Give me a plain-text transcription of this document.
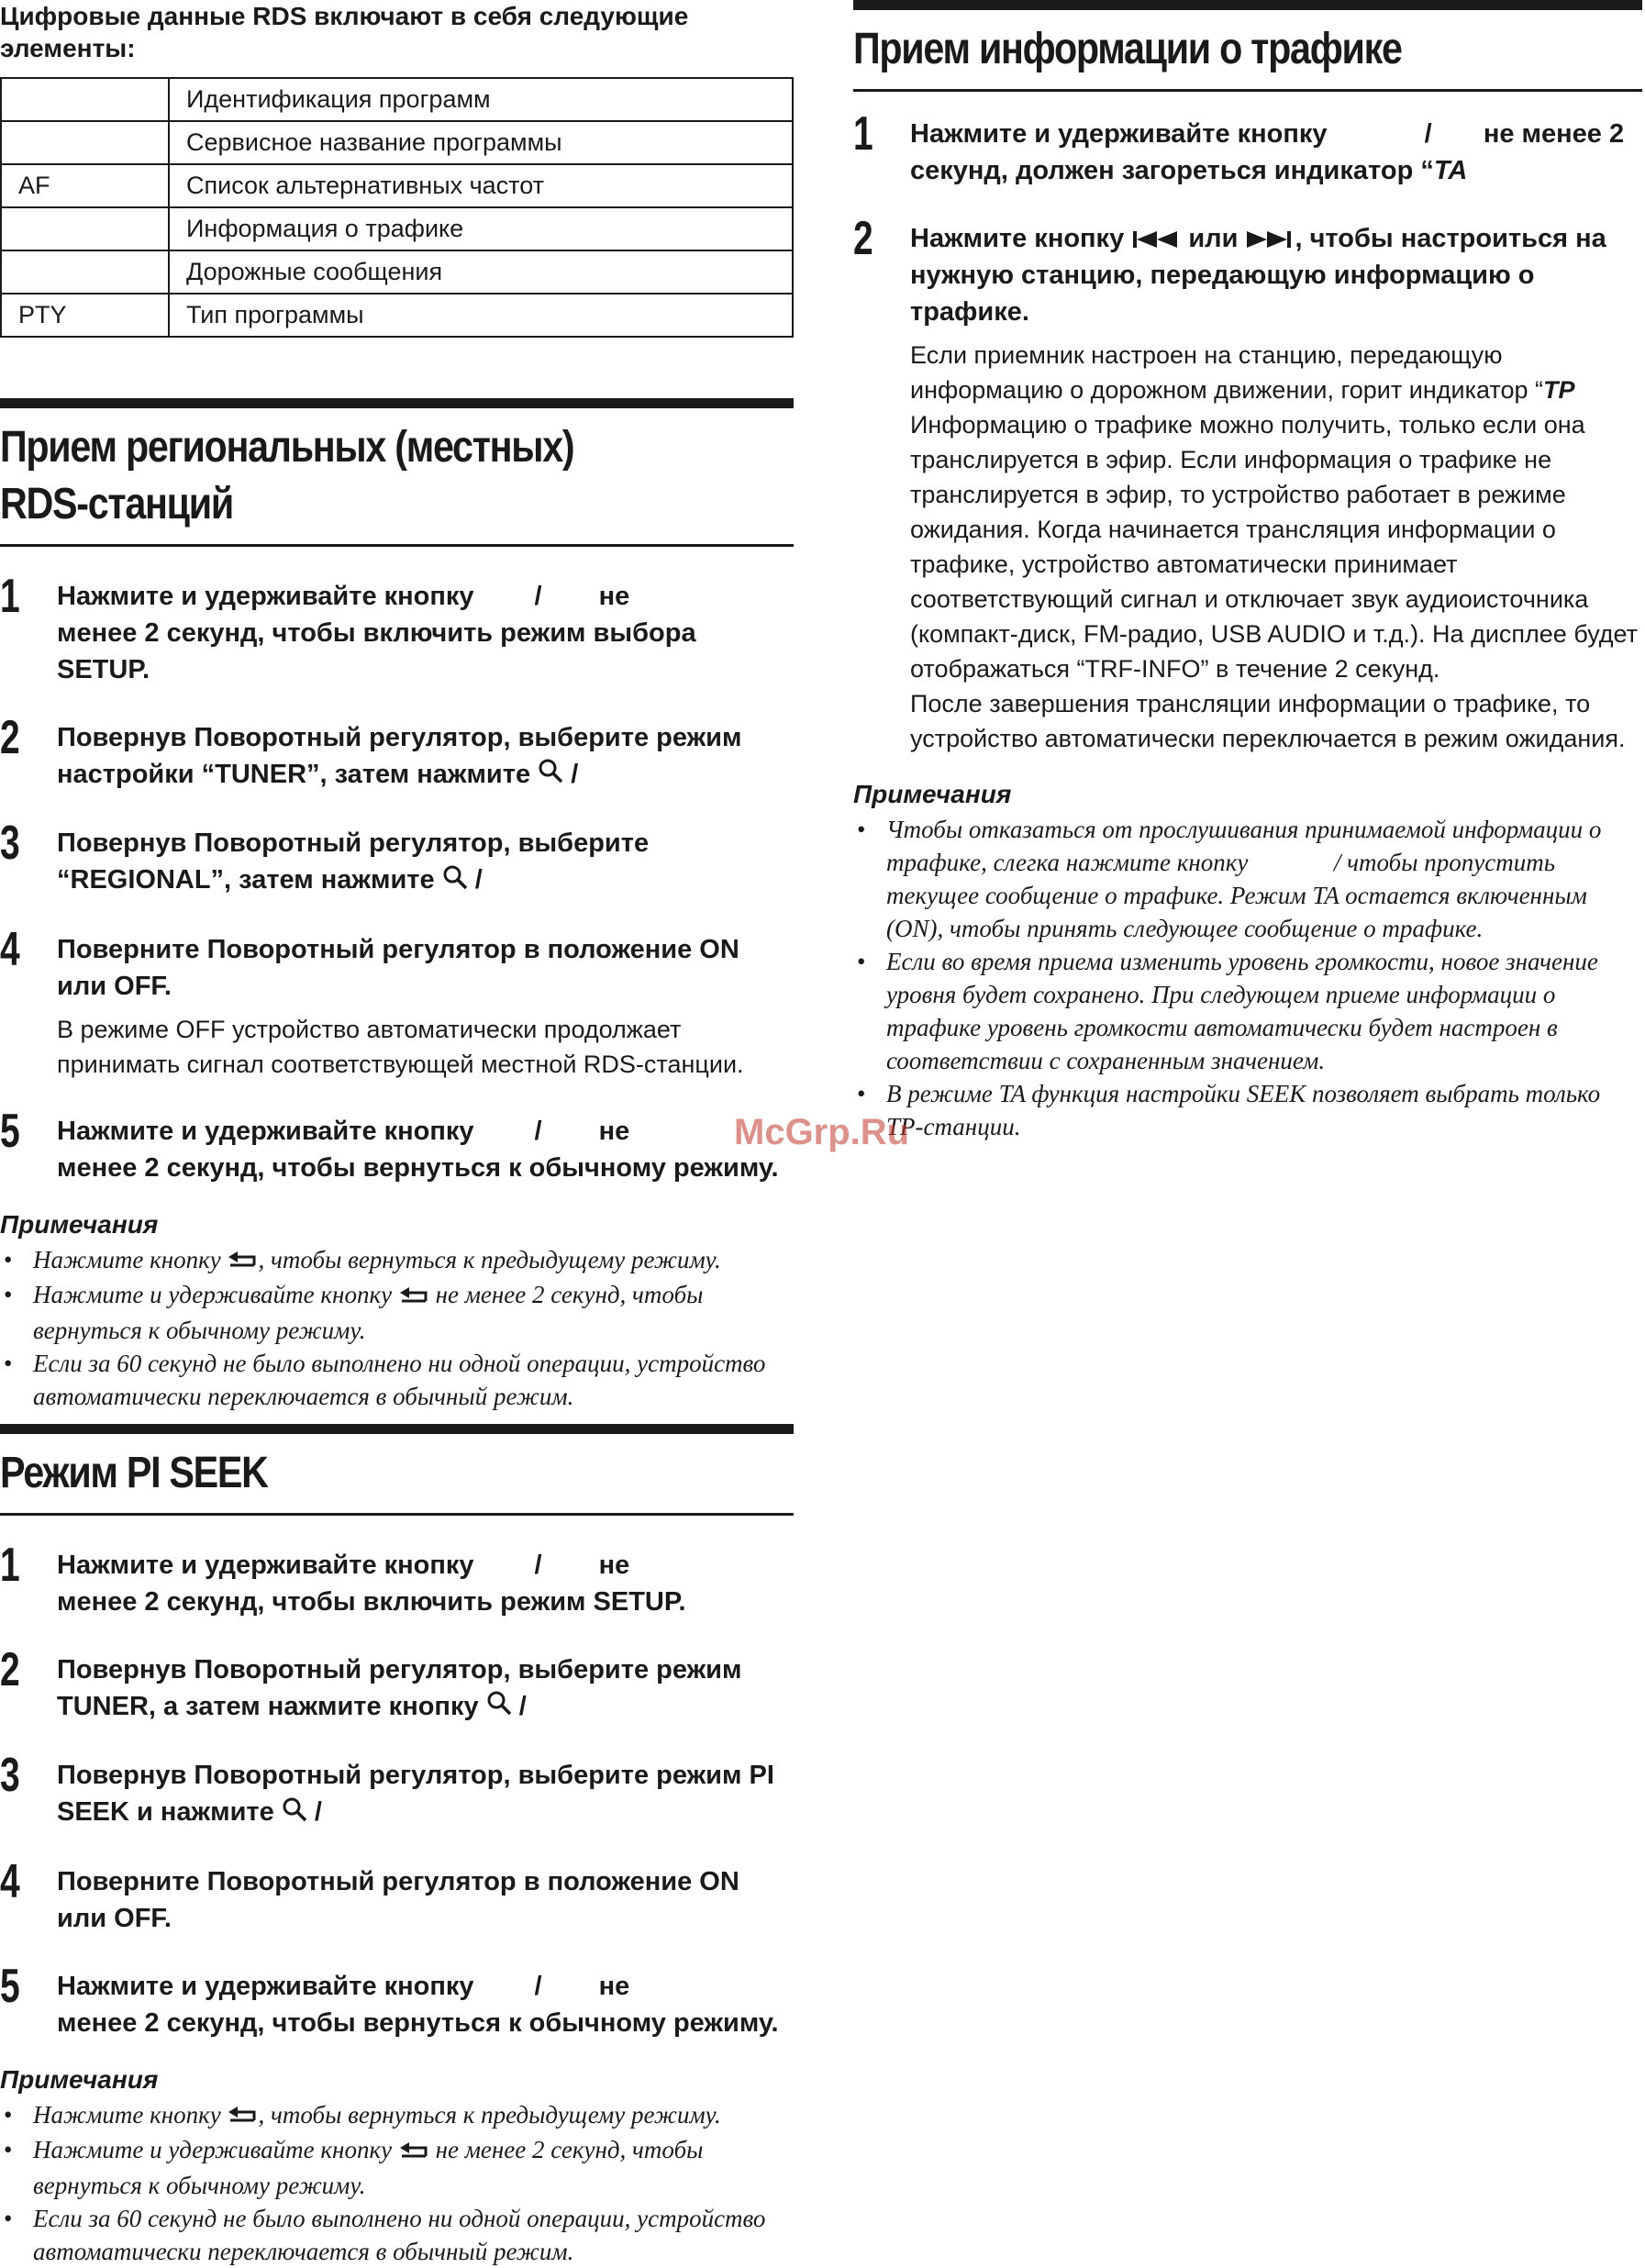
Цифровые данные RDS включают в себя следующие элементы:

	Идентификация программ
	Сервисное название программы
AF	Список альтернативных частот
	Информация о трафике
	Дорожные сообщения
PTY	Тип программы
Прием региональных (местных)
RDS-станций
1 Нажмите и удерживайте кнопку / не
менее 2 секунд, чтобы включить режим выбора SETUP.
2 Повернув Поворотный регулятор, выберите режим настройки “TUNER”, затем нажмите  /
3 Повернув Поворотный регулятор, выберите “REGIONAL”, затем нажмите  /
4 Поверните Поворотный регулятор в положение ON или OFF.
В режиме OFF устройство автоматически продолжает принимать сигнал соответствующей местной RDS-станции.
5 Нажмите и удерживайте кнопку / не
менее 2 секунд, чтобы вернуться к обычному режиму.
Примечания
• Нажмите кнопку , чтобы вернуться к предыдущему режиму.
• Нажмите и удерживайте кнопку  не менее 2 секунд, чтобы вернуться к обычному режиму.
• Если за 60 секунд не было выполнено ни одной операции, устройство автоматически переключается в обычный режим.
Режим PI SEEK
1 Нажмите и удерживайте кнопку / не
менее 2 секунд, чтобы включить режим SETUP.
2 Повернув Поворотный регулятор, выберите режим TUNER, а затем нажмите кнопку  /
3 Повернув Поворотный регулятор, выберите режим PI SEEK и нажмите  /
4 Поверните Поворотный регулятор в положение ON или OFF.
5 Нажмите и удерживайте кнопку / не
менее 2 секунд, чтобы вернуться к обычному режиму.
Примечания
• Нажмите кнопку , чтобы вернуться к предыдущему режиму.
• Нажмите и удерживайте кнопку  не менее 2 секунд, чтобы вернуться к обычному режиму.
• Если за 60 секунд не было выполнено ни одной операции, устройство автоматически переключается в обычный режим.
Прием информации о трафике
1 Нажмите и удерживайте кнопку	/ не менее 2 секунд, должен загореться индикатор “TA
2 Нажмите кнопку или , чтобы настроиться на нужную станцию, передающую информацию о трафике.
Если приемник настроен на станцию, передающую информацию о дорожном движении, горит индикатор “TP Информацию о трафике можно получить, только если она транслируется в эфир. Если информация о трафике не транслируется в эфир, то устройство работает в режиме ожидания. Когда начинается трансляция информации о трафике, устройство автоматически принимает соответствующий сигнал и отключает звук аудиоисточника (компакт-диск, FM-радио, USB AUDIO и т.д.). На дисплее будет отображаться “TRF-INFO” в течение 2 секунд.
После завершения трансляции информации о трафике, то устройство автоматически переключается в режим ожидания.
Примечания
• Чтобы отказаться от прослушивания принимаемой информации о трафике, слегка нажмите кнопку	/ чтобы пропустить текущее сообщение о трафике. Режим TA остается включенным (ON), чтобы принять следующее сообщение о трафике.
• Если во время приема изменить уровень громкости, новое значение уровня будет сохранено. При следующем приеме информации о трафике уровень громкости автоматически будет настроен в соответствии с сохраненным значением.
• В режиме TA функция настройки SEEK позволяет выбрать только TP-станции.
McGrp.Ru
